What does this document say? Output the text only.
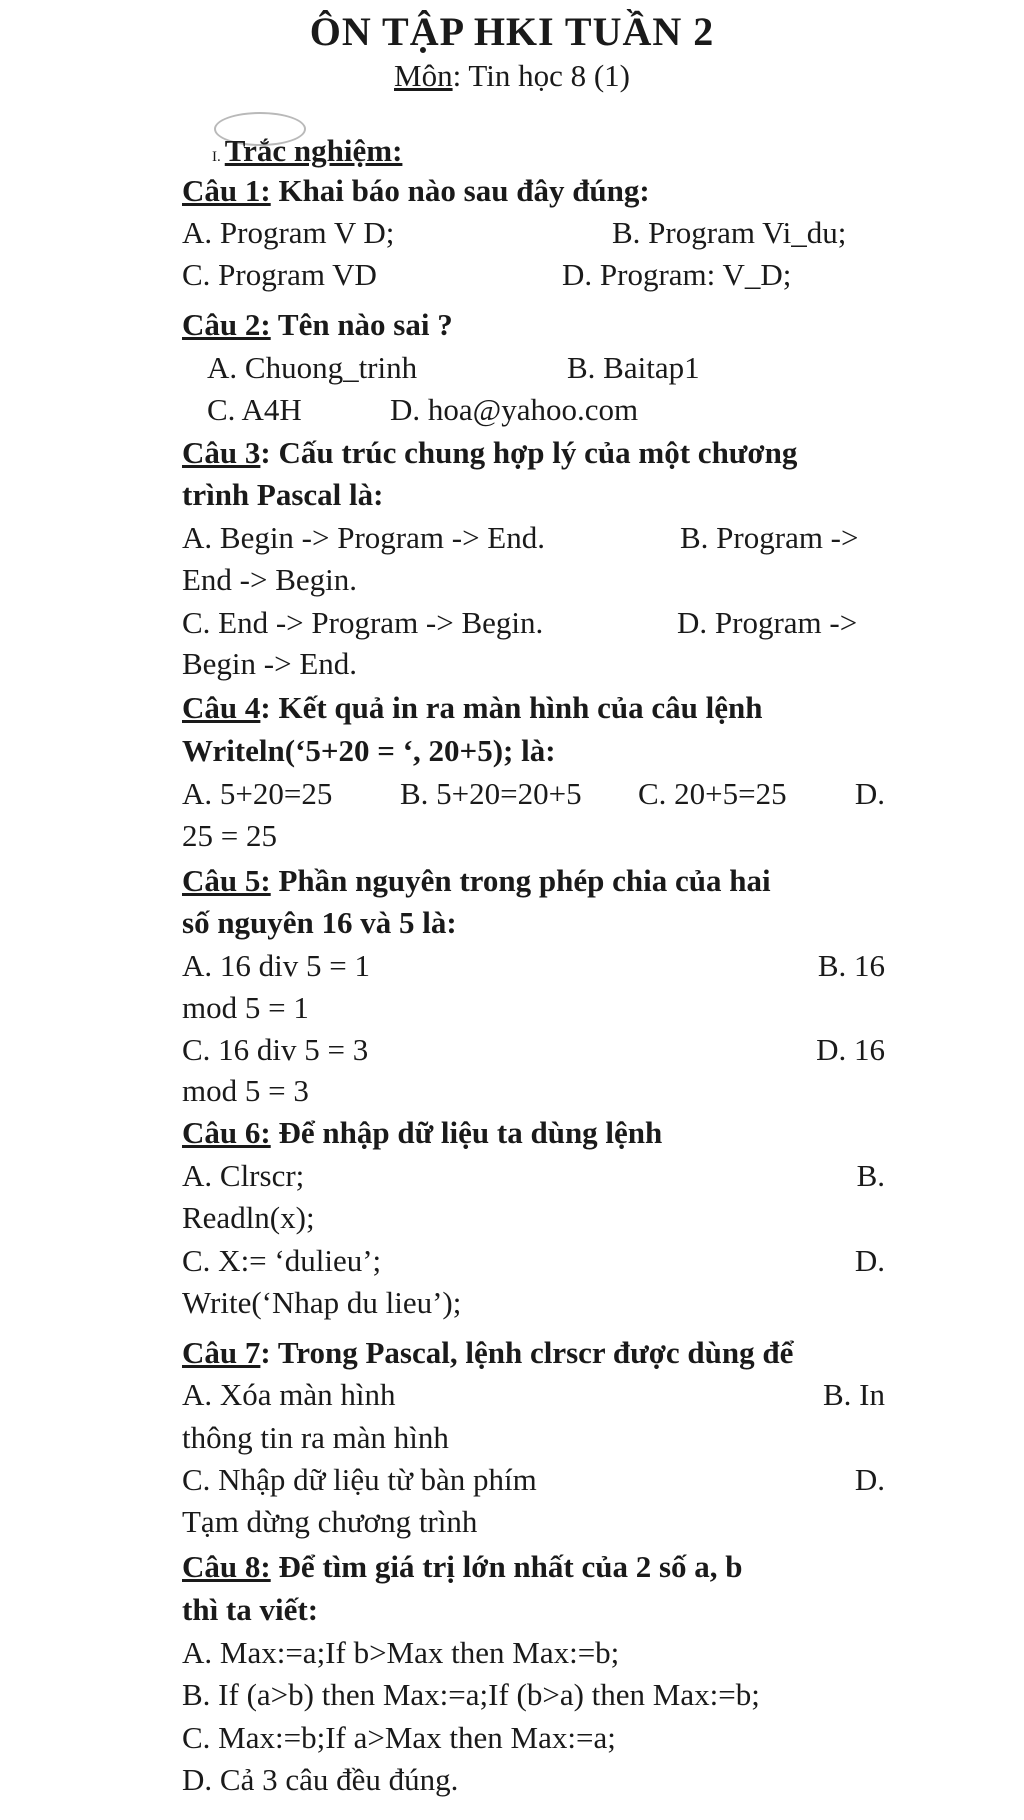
ÔN TẬP HKI TUẦN 2
Môn: Tin học 8 (1)
I. Trắc nghiệm:
Câu 1: Khai báo nào sau đây đúng:
A. Program V D;	B. Program Vi_du;
C. Program VD	D. Program: V_D;
Câu 2: Tên nào sai ?
A. Chuong_trinh	B. Baitap1
C. A4H	D. hoa@yahoo.com
Câu 3: Cấu trúc chung hợp lý của một chương
trình Pascal là:
A. Begin -> Program -> End.	B. Program ->
End -> Begin.
C. End -> Program -> Begin.	D. Program ->
Begin -> End.
Câu 4: Kết quả in ra màn hình của câu lệnh
Writeln(‘5+20 = ‘, 20+5); là:
A. 5+20=25 B. 5+20=20+5 C. 20+5=25	D.
25 = 25
Câu 5: Phần nguyên trong phép chia của hai
số nguyên 16 và 5 là:
A. 16 div 5 = 1	B. 16
mod 5 = 1
C. 16 div 5 = 3	D. 16
mod 5 = 3
Câu 6: Để nhập dữ liệu ta dùng lệnh
A. Clrscr;	B.
Readln(x);
C. X:= ‘dulieu’;	D.
Write(‘Nhap du lieu’);
Câu 7: Trong Pascal, lệnh clrscr được dùng để
A. Xóa màn hình	B. In
thông tin ra màn hình
C. Nhập dữ liệu từ bàn phím	D.
Tạm dừng chương trình
Câu 8: Để tìm giá trị lớn nhất của 2 số a, b
thì ta viết:
A. Max:=a;If b>Max then Max:=b;
B. If (a>b) then Max:=a;If (b>a) then Max:=b;
C. Max:=b;If a>Max then Max:=a;
D. Cả 3 câu đều đúng.
